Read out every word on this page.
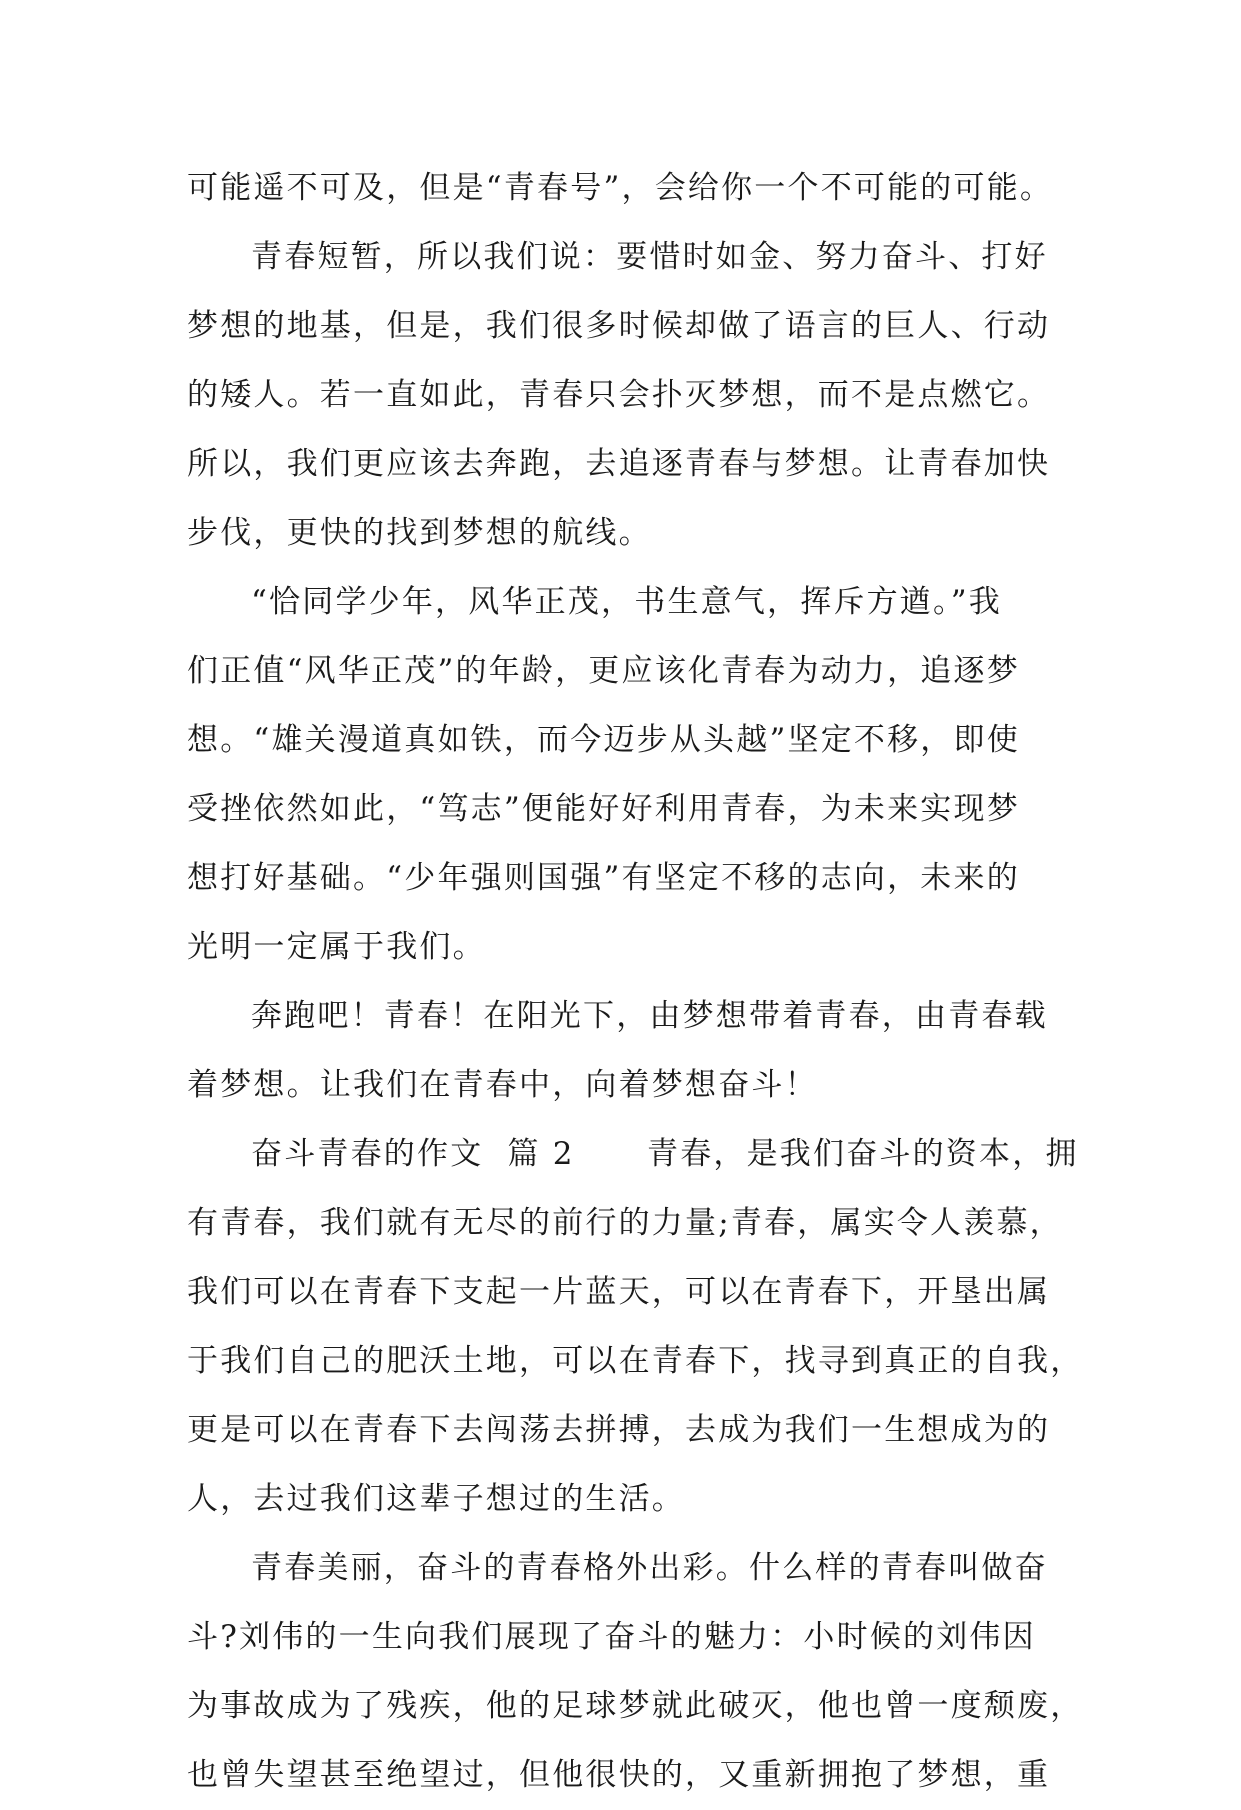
可能遥不可及，但是“青春号”，会给你一个不可能的可能。
青春短暂，所以我们说：要惜时如金、努力奋斗、打好
梦想的地基，但是，我们很多时候却做了语言的巨人、行动
的矮人。若一直如此，青春只会扑灭梦想，而不是点燃它。
所以，我们更应该去奔跑，去追逐青春与梦想。让青春加快
步伐，更快的找到梦想的航线。
“恰同学少年，风华正茂，书生意气，挥斥方遒。”我
们正值“风华正茂”的年龄，更应该化青春为动力，追逐梦
想。“雄关漫道真如铁，而今迈步从头越”坚定不移，即使
受挫依然如此，“笃志”便能好好利用青春，为未来实现梦
想打好基础。“少年强则国强”有坚定不移的志向，未来的
光明一定属于我们。
奔跑吧！青春！在阳光下，由梦想带着青春，由青春载
着梦想。让我们在青春中，向着梦想奋斗！
奋斗青春的作文  篇 2      青春，是我们奋斗的资本，拥
有青春，我们就有无尽的前行的力量;青春，属实令人羡慕，
我们可以在青春下支起一片蓝天，可以在青春下，开垦出属
于我们自己的肥沃土地，可以在青春下，找寻到真正的自我，
更是可以在青春下去闯荡去拼搏，去成为我们一生想成为的
人，去过我们这辈子想过的生活。
青春美丽，奋斗的青春格外出彩。什么样的青春叫做奋
斗?刘伟的一生向我们展现了奋斗的魅力：小时候的刘伟因
为事故成为了残疾，他的足球梦就此破灭，他也曾一度颓废，
也曾失望甚至绝望过，但他很快的，又重新拥抱了梦想，重
